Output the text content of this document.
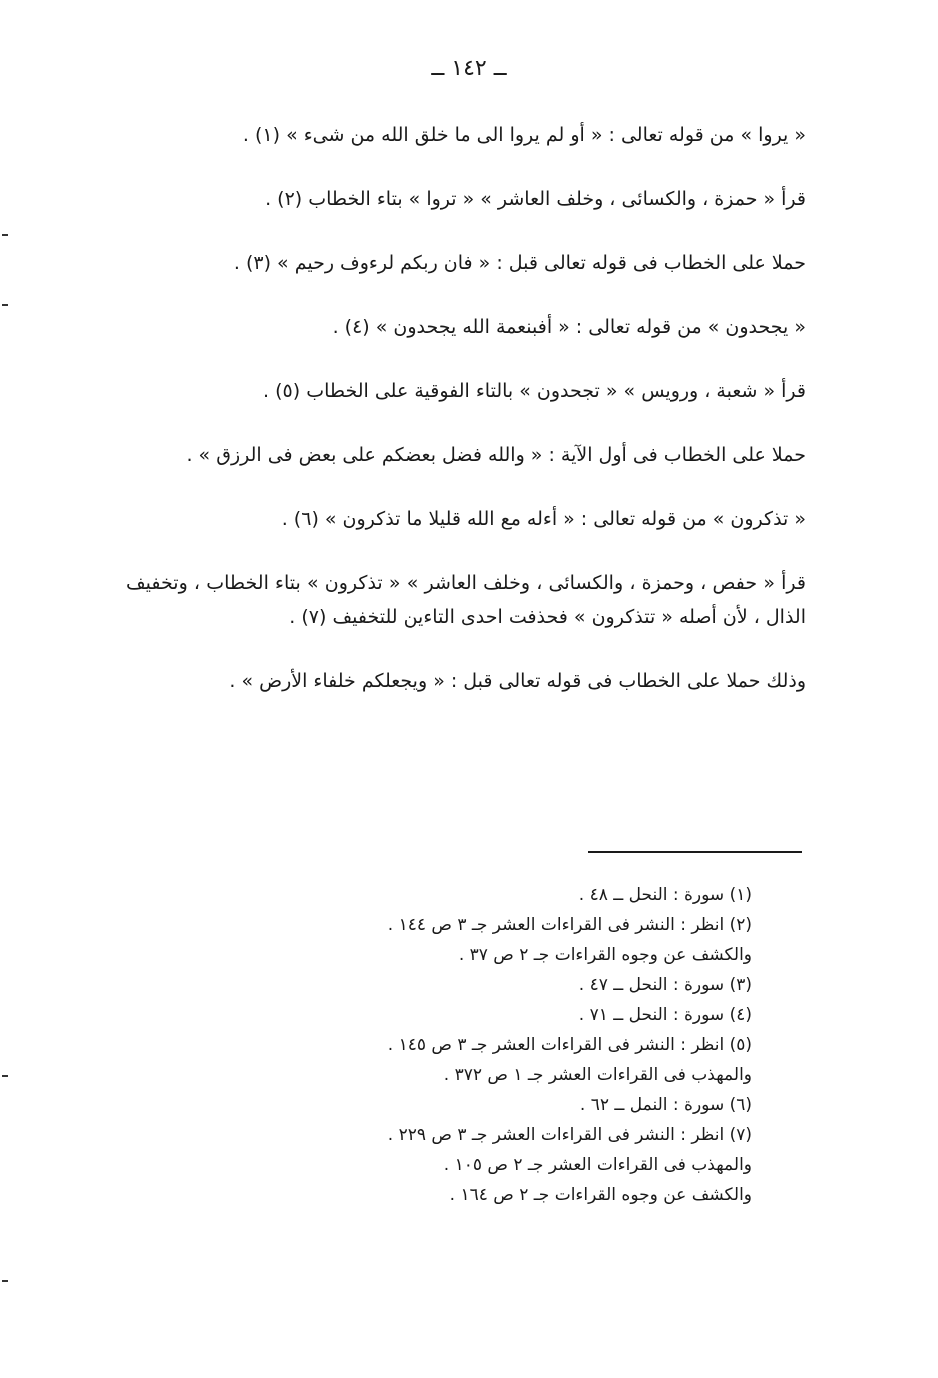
ــ ١٤٢ ــ

« يروا » من قوله تعالى : « أو لم يروا الى ما خلق الله من شىء » (١) .

قرأ « حمزة ، والكسائى ، وخلف العاشر » « تروا » بتاء الخطاب (٢) .

حملا على الخطاب فى قوله تعالى قبل : « فان ربكم لرءوف رحيم » (٣) .

« يجحدون » من قوله تعالى : « أفبنعمة الله يجحدون » (٤) .

قرأ « شعبة ، ورويس » « تجحدون » بالتاء الفوقية على الخطاب (٥) .

حملا على الخطاب فى أول الآية : « والله فضل بعضكم على بعض فى الرزق » .

« تذكرون » من قوله تعالى : « أءله مع الله قليلا ما تذكرون » (٦) .

قرأ « حفص ، وحمزة ، والكسائى ، وخلف العاشر » « تذكرون » بتاء الخطاب ، وتخفيف الذال ، لأن أصله « تتذكرون » فحذفت احدى التاءين للتخفيف (٧) .

وذلك حملا على الخطاب فى قوله تعالى قبل : « ويجعلكم خلفاء الأرض » .

(١) سورة : النحل ــ ٤٨ .

(٢) انظر : النشر فى القراءات العشر جـ ٣ ص ١٤٤ .

والكشف عن وجوه القراءات جـ ٢ ص ٣٧ .

(٣) سورة : النحل ــ ٤٧ .

(٤) سورة : النحل ــ ٧١ .

(٥) انظر : النشر فى القراءات العشر جـ ٣ ص ١٤٥ .

والمهذب فى القراءات العشر جـ ١ ص ٣٧٢ .

(٦) سورة : النمل ــ ٦٢ .

(٧) انظر : النشر فى القراءات العشر جـ ٣ ص ٢٢٩ .

والمهذب فى القراءات العشر جـ ٢ ص ١٠٥ .

والكشف عن وجوه القراءات جـ ٢ ص ١٦٤ .
